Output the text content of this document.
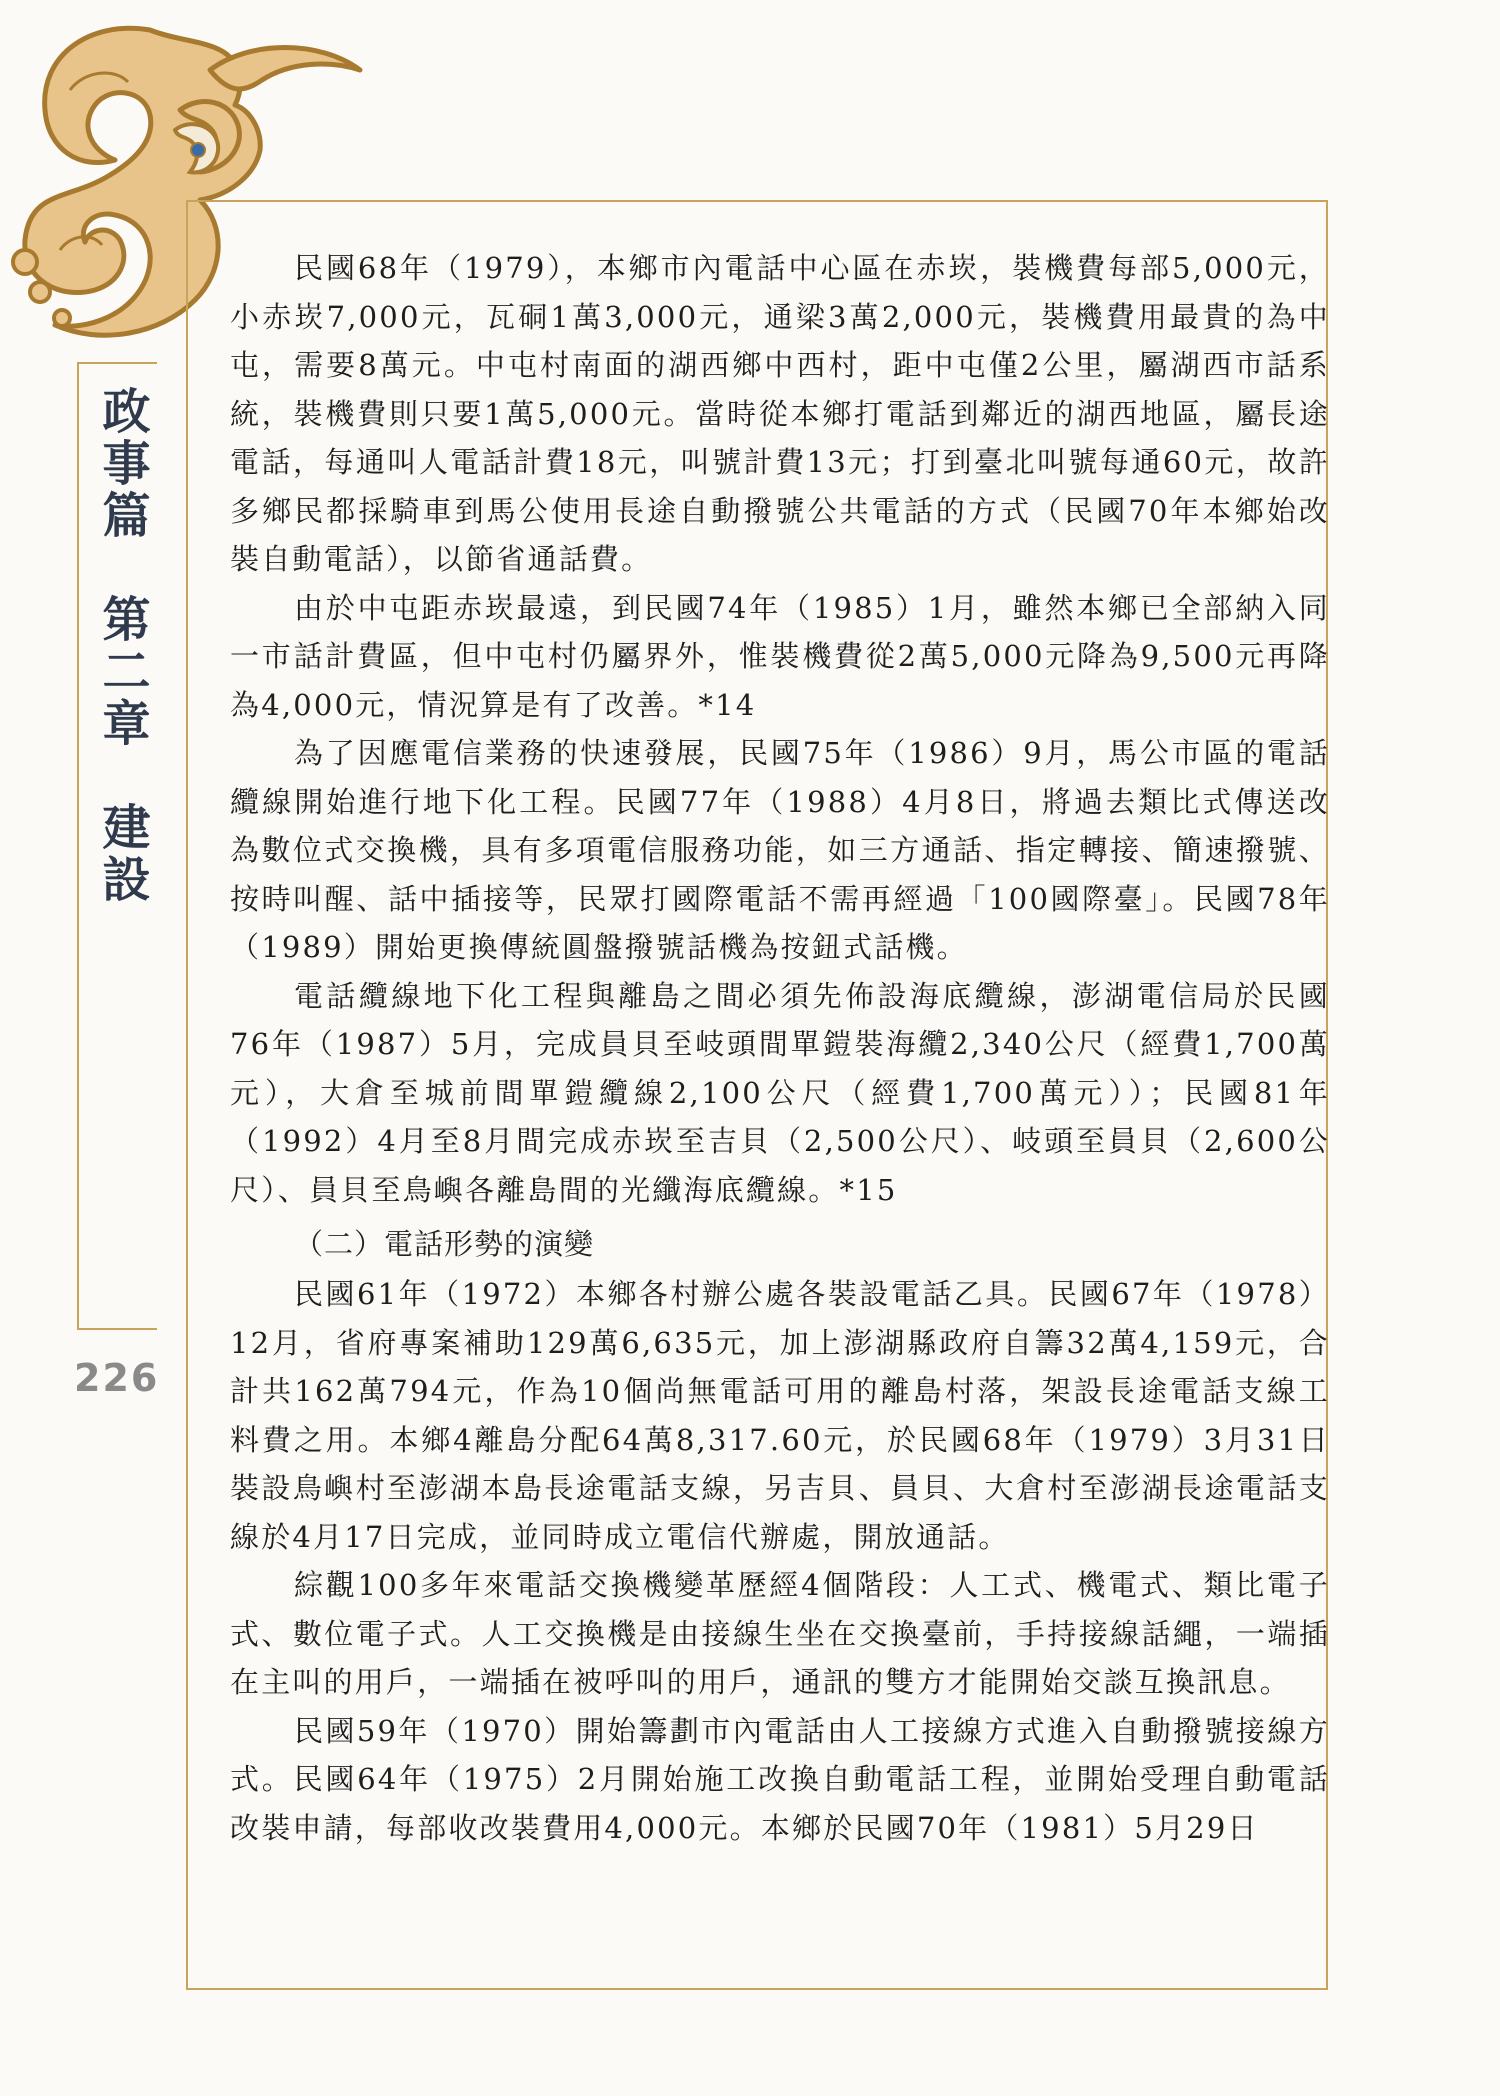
政事篇　第二章　建設
226

民國68年（1979），本鄉市內電話中心區在赤崁，裝機費每部5,000元，小赤崁7,000元，瓦硐1萬3,000元，通梁3萬2,000元，裝機費用最貴的為中屯，需要8萬元。中屯村南面的湖西鄉中西村，距中屯僅2公里，屬湖西市話系統，裝機費則只要1萬5,000元。當時從本鄉打電話到鄰近的湖西地區，屬長途電話，每通叫人電話計費18元，叫號計費13元；打到臺北叫號每通60元，故許多鄉民都採騎車到馬公使用長途自動撥號公共電話的方式（民國70年本鄉始改裝自動電話），以節省通話費。

由於中屯距赤崁最遠，到民國74年（1985）1月，雖然本鄉已全部納入同一市話計費區，但中屯村仍屬界外，惟裝機費從2萬5,000元降為9,500元再降為4,000元，情況算是有了改善。*14

為了因應電信業務的快速發展，民國75年（1986）9月，馬公市區的電話纜線開始進行地下化工程。民國77年（1988）4月8日，將過去類比式傳送改為數位式交換機，具有多項電信服務功能，如三方通話、指定轉接、簡速撥號、按時叫醒、話中插接等，民眾打國際電話不需再經過「100國際臺」。民國78年（1989）開始更換傳統圓盤撥號話機為按鈕式話機。

電話纜線地下化工程與離島之間必須先佈設海底纜線，澎湖電信局於民國76年（1987）5月，完成員貝至岐頭間單鎧裝海纜2,340公尺（經費1,700萬元），大倉至城前間單鎧纜線2,100公尺（經費1,700萬元））；民國81年（1992）4月至8月間完成赤崁至吉貝（2,500公尺）、岐頭至員貝（2,600公尺）、員貝至鳥嶼各離島間的光纖海底纜線。*15

（二）電話形勢的演變

民國61年（1972）本鄉各村辦公處各裝設電話乙具。民國67年（1978）12月，省府專案補助129萬6,635元，加上澎湖縣政府自籌32萬4,159元，合計共162萬794元，作為10個尚無電話可用的離島村落，架設長途電話支線工料費之用。本鄉4離島分配64萬8,317.60元，於民國68年（1979）3月31日裝設鳥嶼村至澎湖本島長途電話支線，另吉貝、員貝、大倉村至澎湖長途電話支線於4月17日完成，並同時成立電信代辦處，開放通話。

綜觀100多年來電話交換機變革歷經4個階段：人工式、機電式、類比電子式、數位電子式。人工交換機是由接線生坐在交換臺前，手持接線話繩，一端插在主叫的用戶，一端插在被呼叫的用戶，通訊的雙方才能開始交談互換訊息。

民國59年（1970）開始籌劃市內電話由人工接線方式進入自動撥號接線方式。民國64年（1975）2月開始施工改換自動電話工程，並開始受理自動電話改裝申請，每部收改裝費用4,000元。本鄉於民國70年（1981）5月29日
